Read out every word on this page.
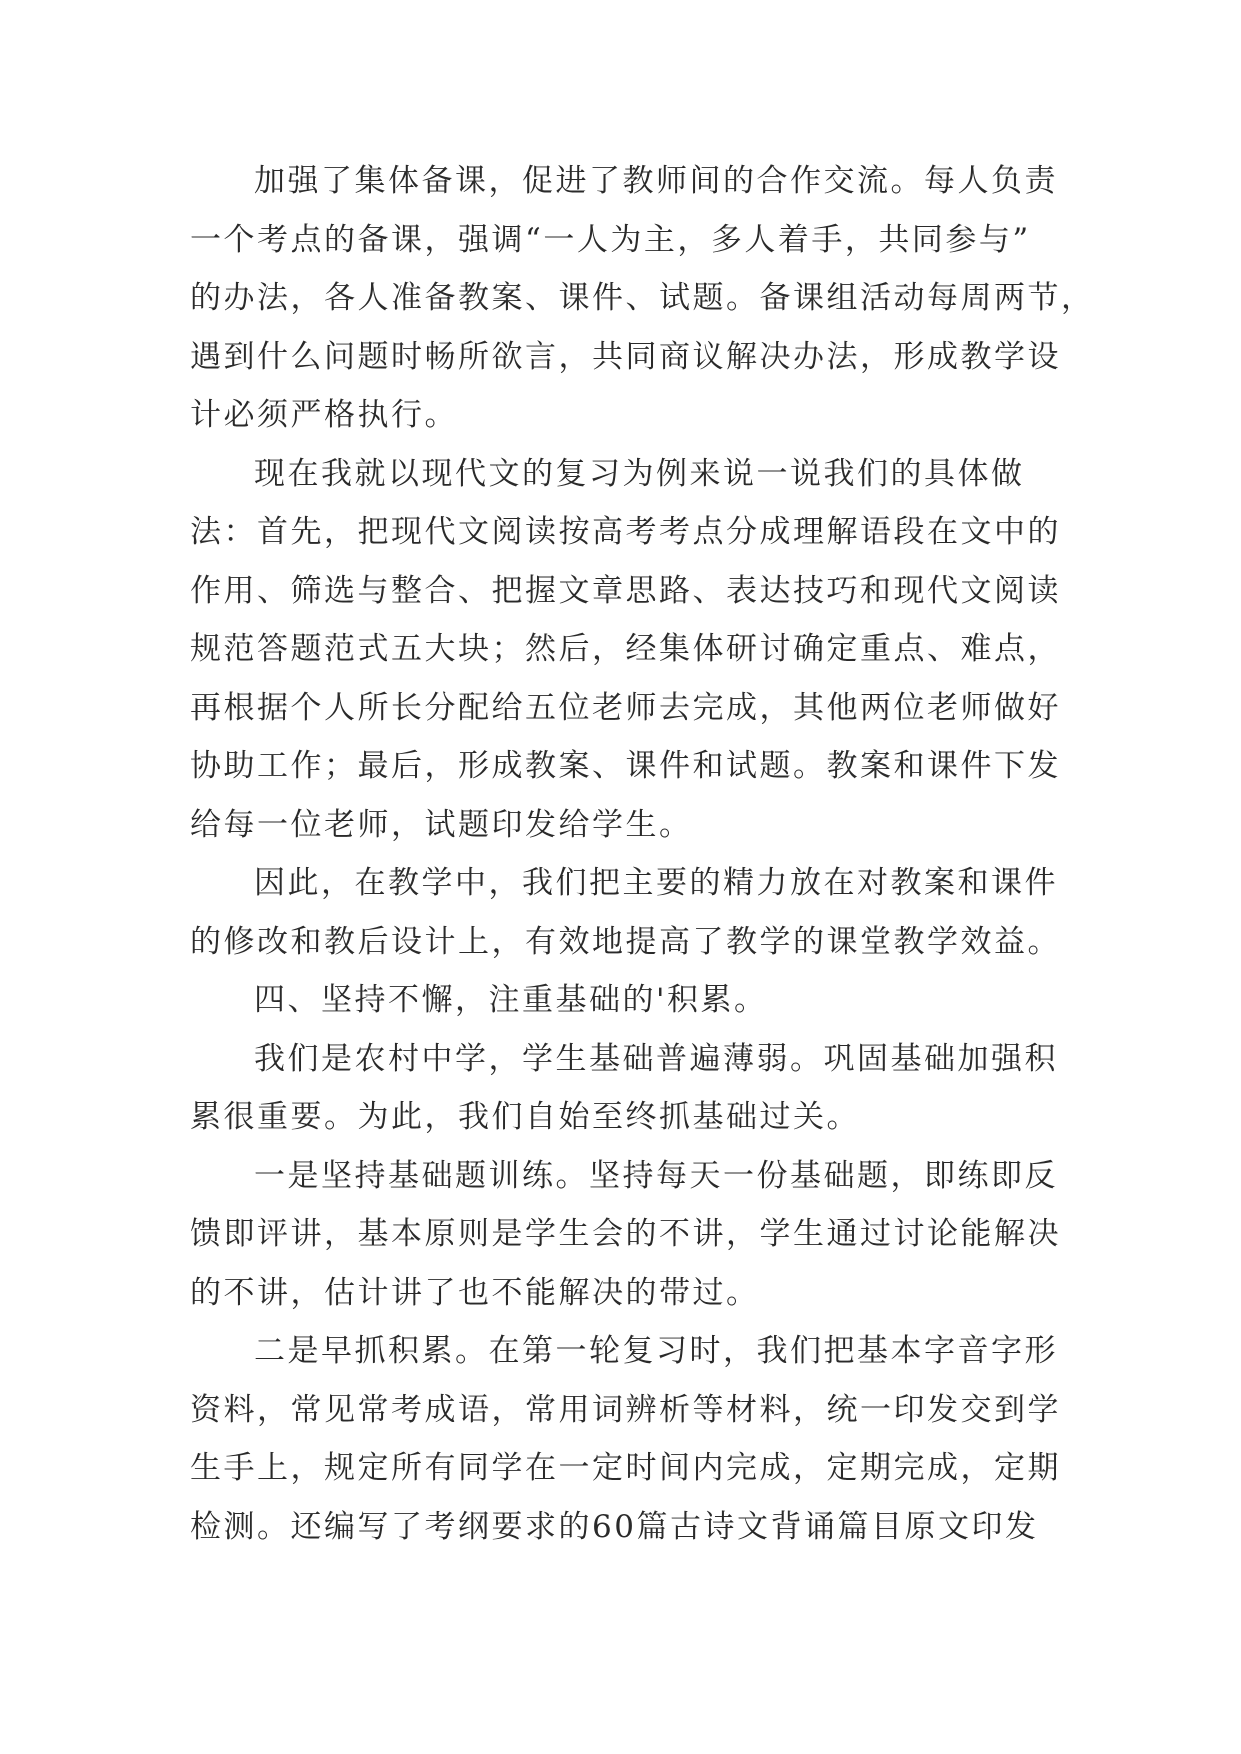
加强了集体备课，促进了教师间的合作交流。每人负责
一个考点的备课，强调“一人为主，多人着手，共同参与”
的办法，各人准备教案、课件、试题。备课组活动每周两节，
遇到什么问题时畅所欲言，共同商议解决办法，形成教学设
计必须严格执行。
现在我就以现代文的复习为例来说一说我们的具体做
法：首先，把现代文阅读按高考考点分成理解语段在文中的
作用、筛选与整合、把握文章思路、表达技巧和现代文阅读
规范答题范式五大块；然后，经集体研讨确定重点、难点，
再根据个人所长分配给五位老师去完成，其他两位老师做好
协助工作；最后，形成教案、课件和试题。教案和课件下发
给每一位老师，试题印发给学生。
因此，在教学中，我们把主要的精力放在对教案和课件
的修改和教后设计上，有效地提高了教学的课堂教学效益。
四、坚持不懈，注重基础的'积累。
我们是农村中学，学生基础普遍薄弱。巩固基础加强积
累很重要。为此，我们自始至终抓基础过关。
一是坚持基础题训练。坚持每天一份基础题，即练即反
馈即评讲，基本原则是学生会的不讲，学生通过讨论能解决
的不讲，估计讲了也不能解决的带过。
二是早抓积累。在第一轮复习时，我们把基本字音字形
资料，常见常考成语，常用词辨析等材料，统一印发交到学
生手上，规定所有同学在一定时间内完成，定期完成，定期
检测。还编写了考纲要求的60篇古诗文背诵篇目原文印发
